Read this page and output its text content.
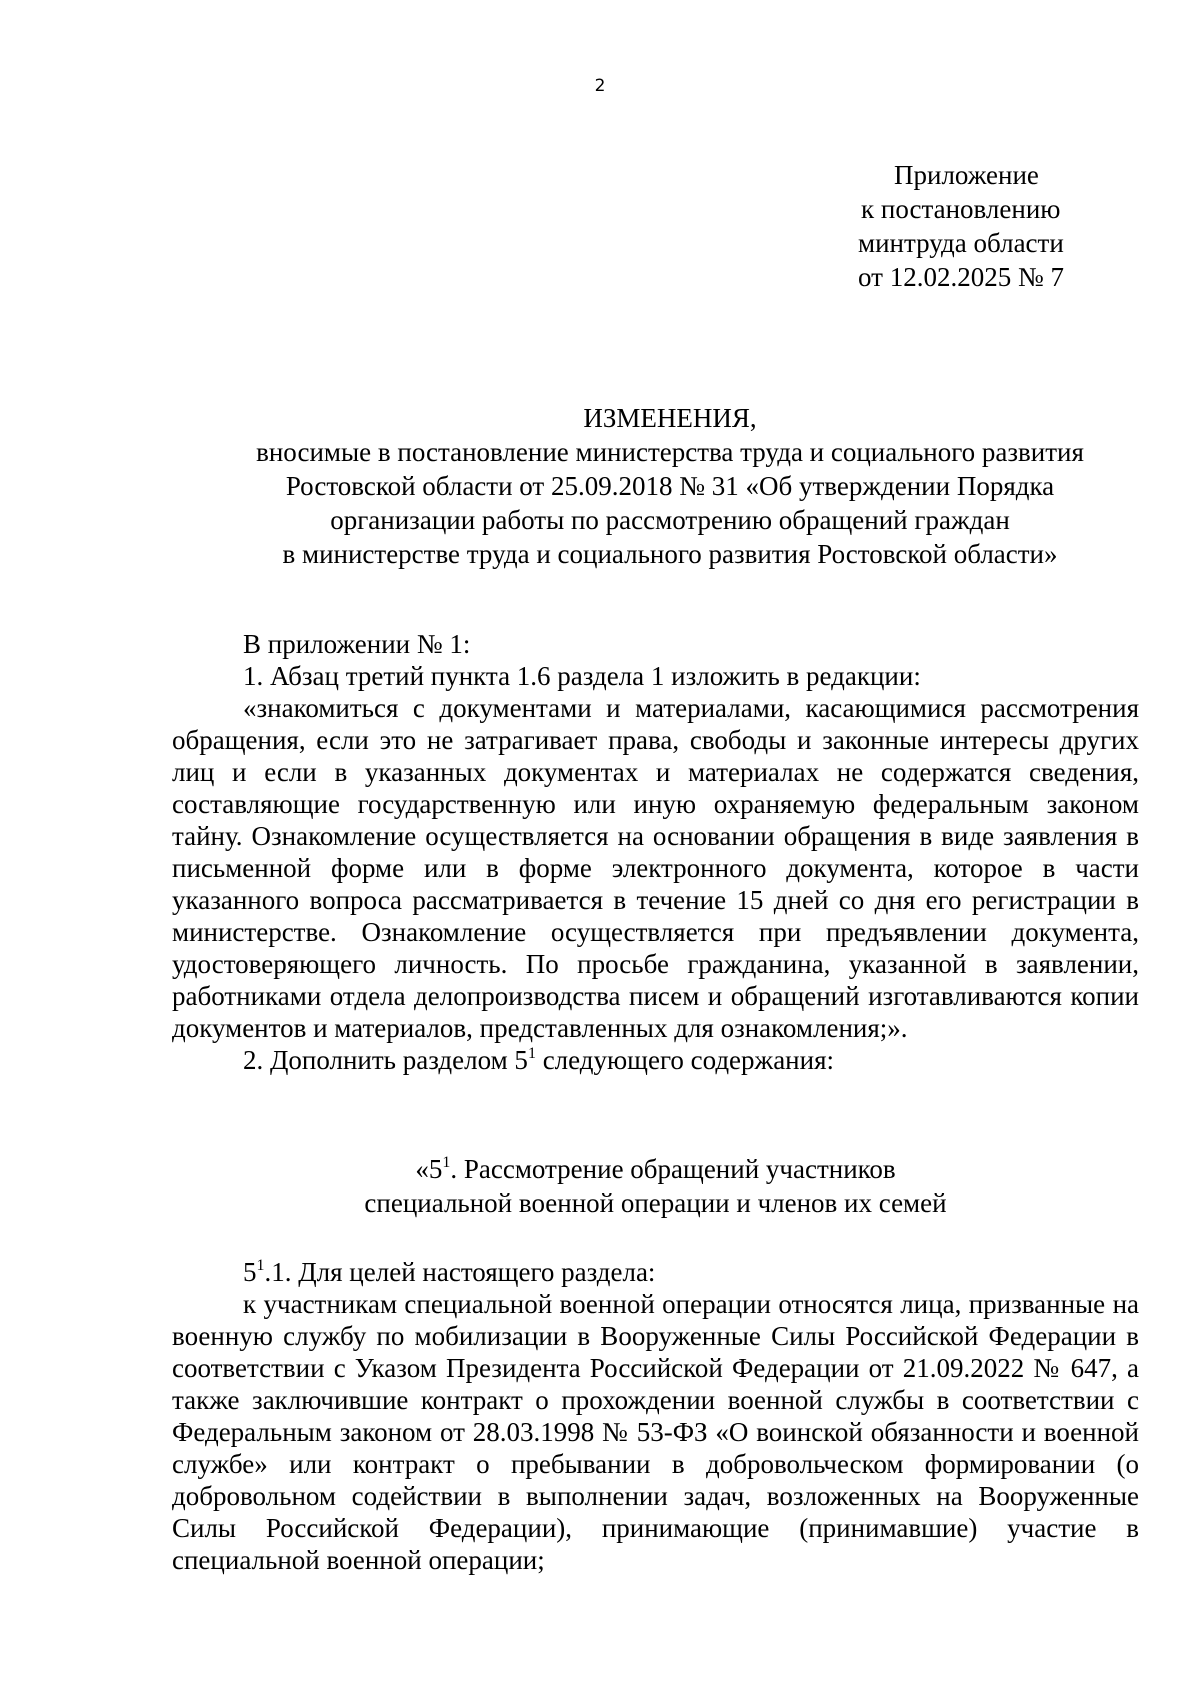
2
Приложение
к постановлению
минтруда области
от 12.02.2025 № 7
ИЗМЕНЕНИЯ,
вносимые в постановление министерства труда и социального развития
Ростовской области от 25.09.2018 № 31 «Об утверждении Порядка
организации работы по рассмотрению обращений граждан
в министерстве труда и социального развития Ростовской области»

В приложении № 1:

1. Абзац третий пункта 1.6 раздела 1 изложить в редакции:

«знакомиться с документами и материалами, касающимися рассмотрения обращения, если это не затрагивает права, свободы и законные интересы других лиц и если в указанных документах и материалах не содержатся сведения, составляющие государственную или иную охраняемую федеральным законом тайну. Ознакомление осуществляется на основании обращения в виде заявления в письменной форме или в форме электронного документа, которое в части указанного вопроса рассматривается в течение 15 дней со дня его регистрации в министерстве. Ознакомление осуществляется при предъявлении документа, удостоверяющего личность. По просьбе гражданина, указанной в заявлении, работниками отдела делопроизводства писем и обращений изготавливаются копии документов и материалов, представленных для ознакомления;».

2. Дополнить разделом $5^1$ следующего содержания:

«$5^1$. Рассмотрение обращений участников
специальной военной операции и членов их семей

$5^1.1$. Для целей настоящего раздела:

к участникам специальной военной операции относятся лица, призванные на военную службу по мобилизации в Вооруженные Силы Российской Федерации в соответствии с Указом Президента Российской Федерации от 21.09.2022 № 647, а также заключившие контракт о прохождении военной службы в соответствии с Федеральным законом от 28.03.1998 № 53-ФЗ «О воинской обязанности и военной службе» или контракт о пребывании в добровольческом формировании (о добровольном содействии в выполнении задач, возложенных на Вооруженные Силы Российской Федерации), принимающие (принимавшие) участие в специальной военной операции;
